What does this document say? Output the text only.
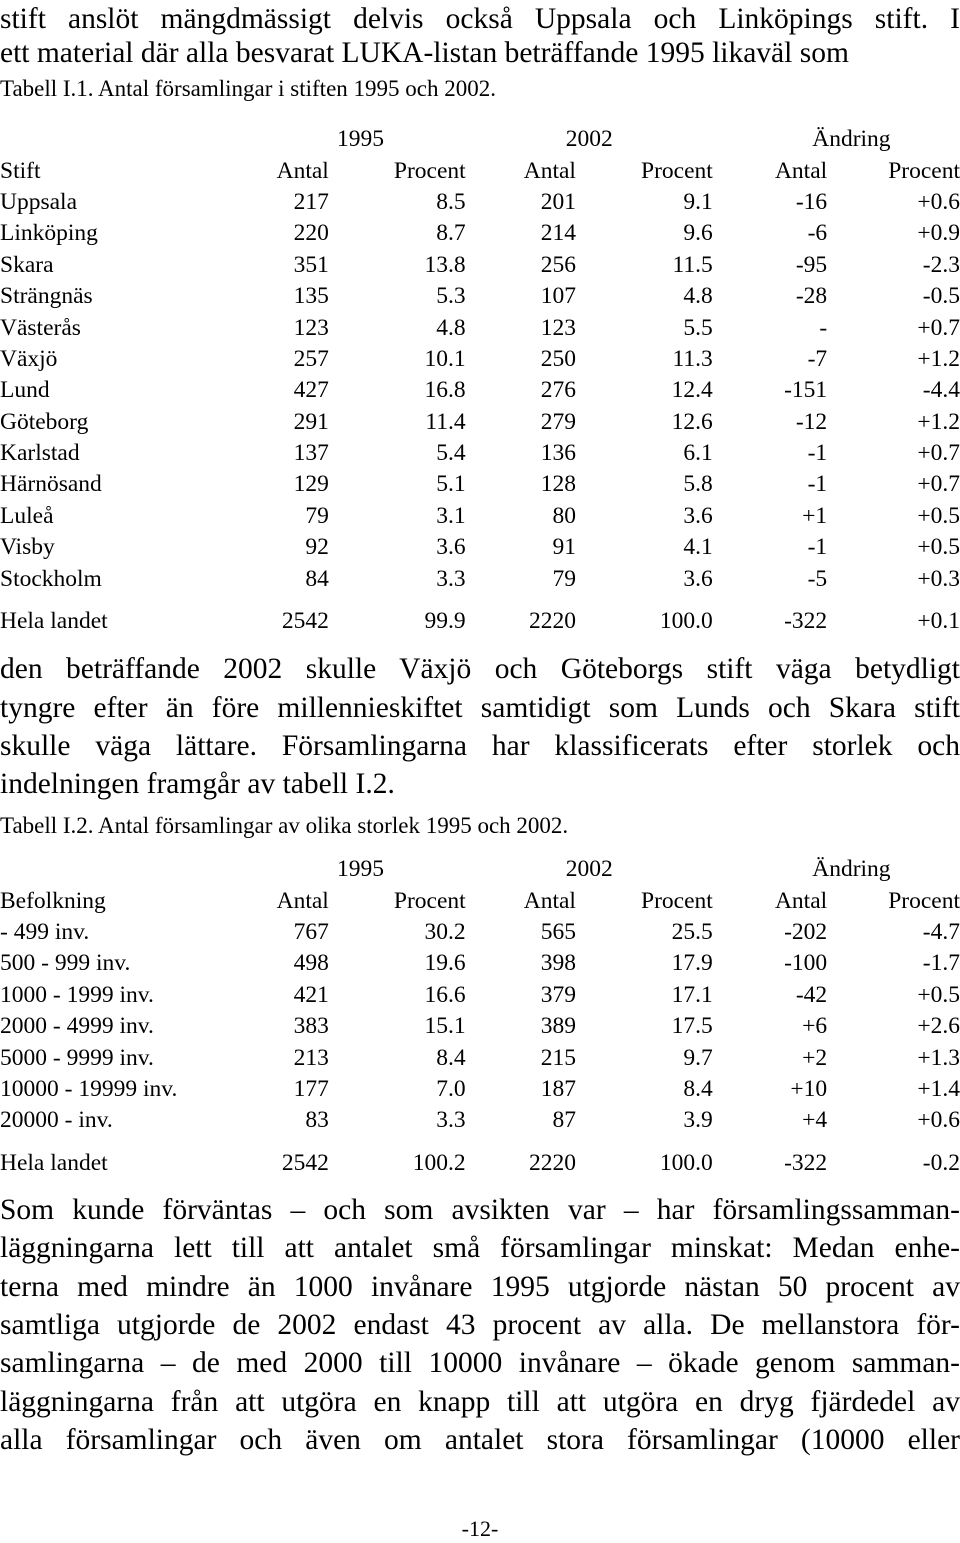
stift anslöt mängdmässigt delvis också Uppsala och Linköpings stift. I
ett material där alla besvarat LUKA-listan beträffande 1995 likaväl som
Tabell I.1. Antal församlingar i stiften 1995 och 2002.
	1995		2002		Ändring	
Stift	Antal	Procent	Antal	Procent	Antal	Procent
Uppsala	217	8.5	201	9.1	-16	+0.6
Linköping	220	8.7	214	9.6	-6	+0.9
Skara	351	13.8	256	11.5	-95	-2.3
Strängnäs	135	5.3	107	4.8	-28	-0.5
Västerås	123	4.8	123	5.5	-	+0.7
Växjö	257	10.1	250	11.3	-7	+1.2
Lund	427	16.8	276	12.4	-151	-4.4
Göteborg	291	11.4	279	12.6	-12	+1.2
Karlstad	137	5.4	136	6.1	-1	+0.7
Härnösand	129	5.1	128	5.8	-1	+0.7
Luleå	79	3.1	80	3.6	+1	+0.5
Visby	92	3.6	91	4.1	-1	+0.5
Stockholm	84	3.3	79	3.6	-5	+0.3
Hela landet	2542	99.9	2220	100.0	-322	+0.1
den beträffande 2002 skulle Växjö och Göteborgs stift väga betydligt
tyngre efter än före millennieskiftet samtidigt som Lunds och Skara stift
skulle väga lättare. Församlingarna har klassificerats efter storlek och
indelningen framgår av tabell I.2.
Tabell I.2. Antal församlingar av olika storlek 1995 och 2002.
	1995		2002		Ändring	
Befolkning	Antal	Procent	Antal	Procent	Antal	Procent
- 499 inv.	767	30.2	565	25.5	-202	-4.7
500 - 999 inv.	498	19.6	398	17.9	-100	-1.7
1000 - 1999 inv.	421	16.6	379	17.1	-42	+0.5
2000 - 4999 inv.	383	15.1	389	17.5	+6	+2.6
5000 - 9999 inv.	213	8.4	215	9.7	+2	+1.3
10000 - 19999 inv.	177	7.0	187	8.4	+10	+1.4
20000 - inv.	83	3.3	87	3.9	+4	+0.6
Hela landet	2542	100.2	2220	100.0	-322	-0.2
Som kunde förväntas – och som avsikten var – har församlingssamman-
läggningarna lett till att antalet små församlingar minskat: Medan enhe-
terna med mindre än 1000 invånare 1995 utgjorde nästan 50 procent av
samtliga utgjorde de 2002 endast 43 procent av alla. De mellanstora för-
samlingarna – de med 2000 till 10000 invånare – ökade genom samman-
läggningarna från att utgöra en knapp till att utgöra en dryg fjärdedel av
alla församlingar och även om antalet stora församlingar (10000 eller
-12-
